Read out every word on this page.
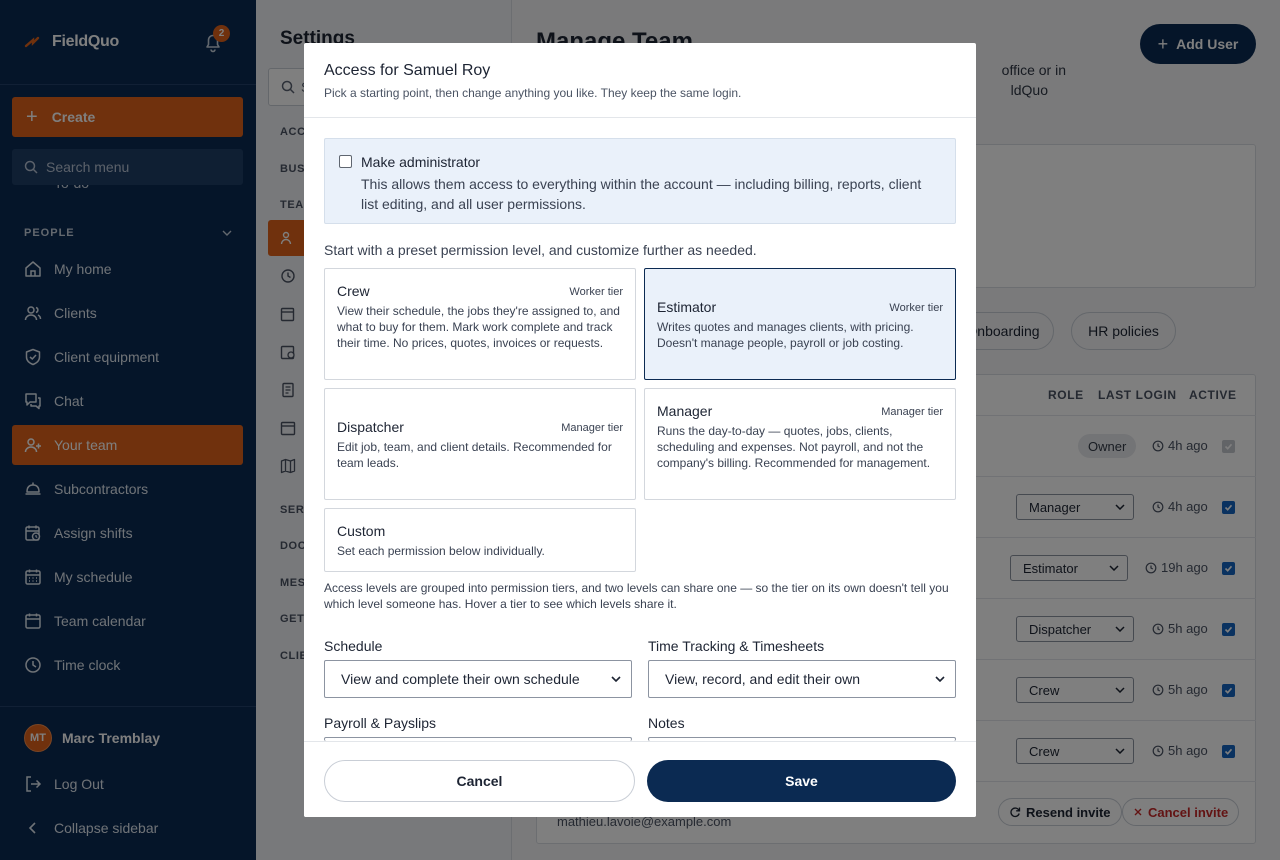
Access for Samuel Roy
Pick a starting point, then change anything you like. They keep the same login.
Make administrator
This allows them access to everything within the account — including billing, reports, client list editing, and all user permissions.
Start with a preset permission level, and customize further as needed.
Crew	Worker tier
View their schedule, the jobs they're assigned to, and what to buy for them. Mark work complete and track their time. No prices, quotes, invoices or requests.
Estimator	Worker tier
Writes quotes and manages clients, with pricing. Doesn't manage people, payroll or job costing.
Dispatcher	Manager tier
Edit job, team, and client details. Recommended for team leads.
Manager	Manager tier
Runs the day-to-day — quotes, jobs, clients, scheduling and expenses. Not payroll, and not the company's billing. Recommended for management.
Custom
Set each permission below individually.
Access levels are grouped into permission tiers, and two levels can share one — so the tier on its own doesn't tell you which level someone has. Hover a tier to see which levels share it.
Schedule
View and complete their own schedule
Time Tracking & Timesheets
View, record, and edit their own
Payroll & Payslips	Notes
Cancel	Save
